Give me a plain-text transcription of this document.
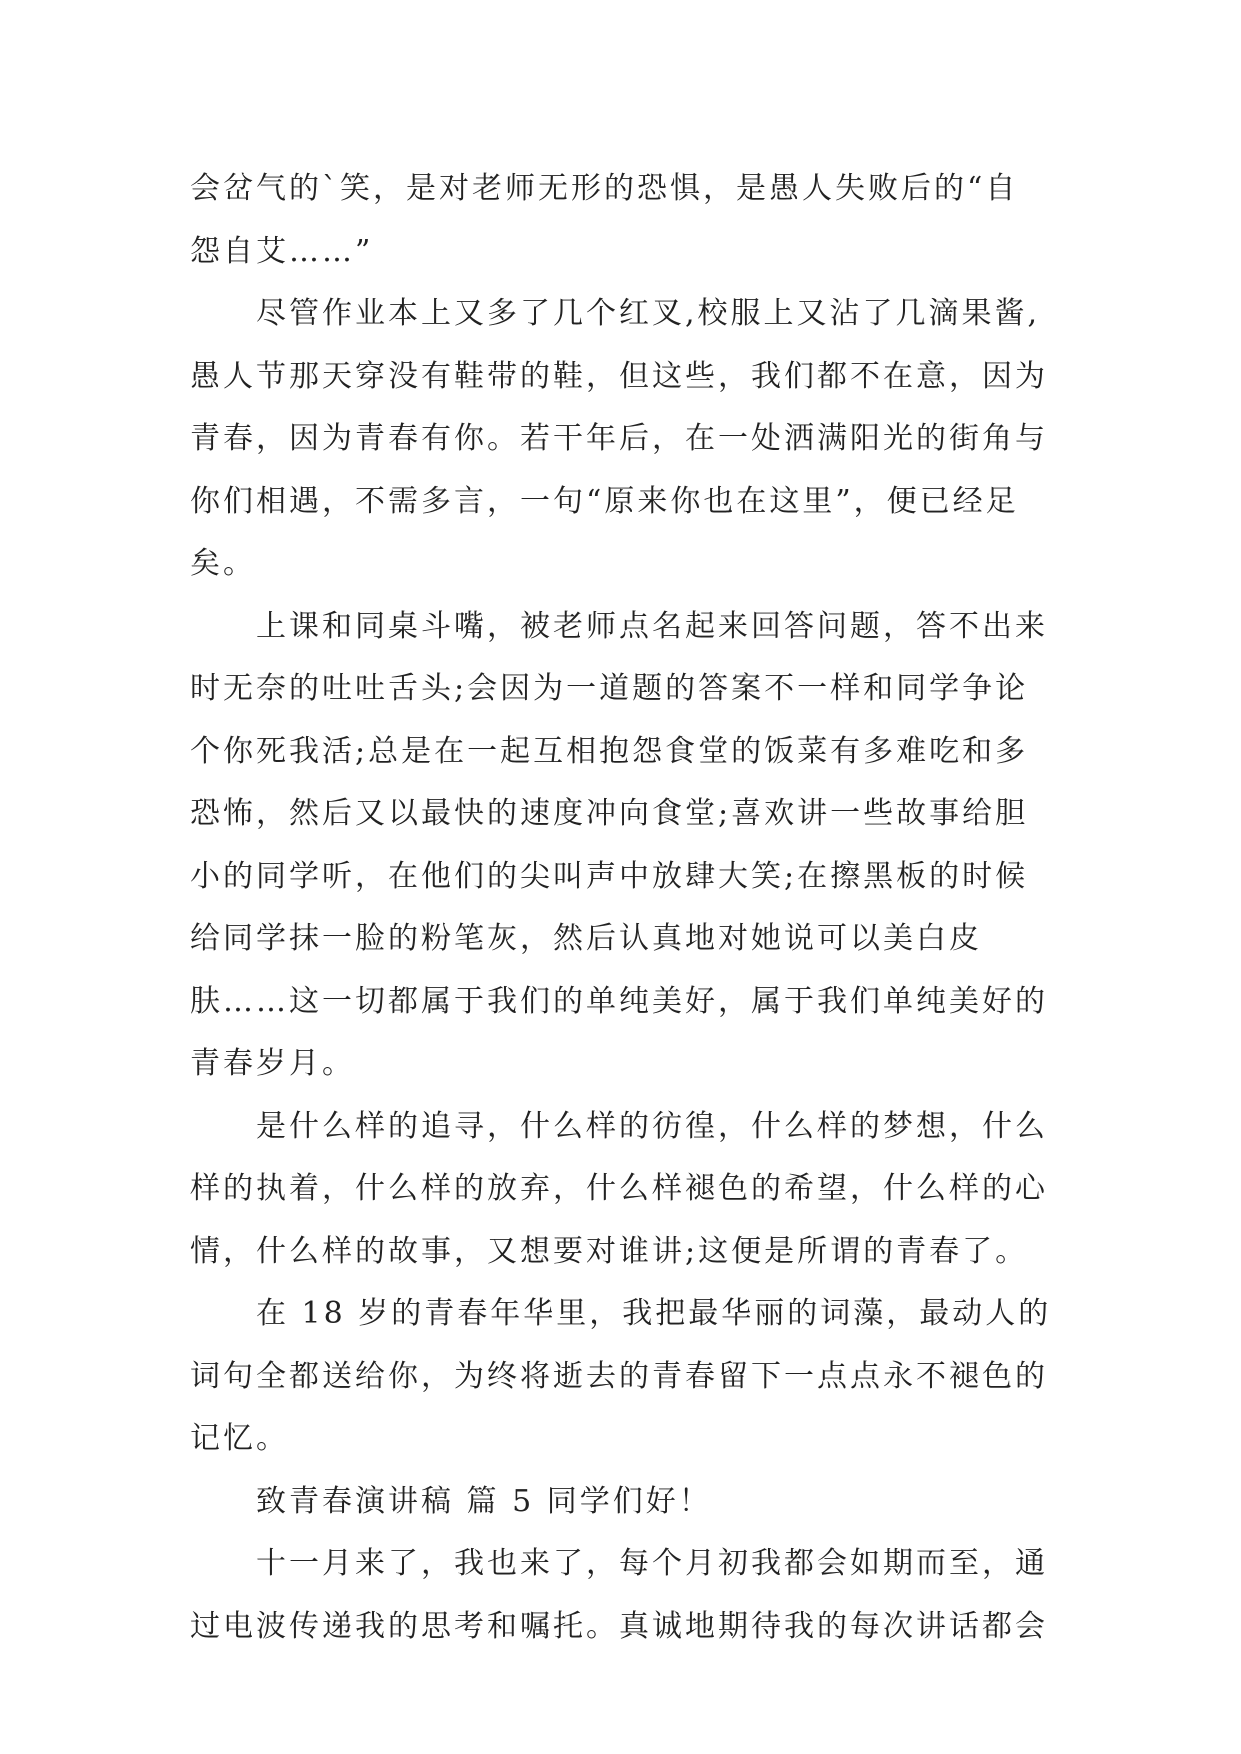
会岔气的`笑，是对老师无形的恐惧，是愚人失败后的“自
怨自艾……”
尽管作业本上又多了几个红叉,校服上又沾了几滴果酱,
愚人节那天穿没有鞋带的鞋，但这些，我们都不在意，因为
青春，因为青春有你。若干年后，在一处洒满阳光的街角与
你们相遇，不需多言，一句“原来你也在这里”，便已经足
矣。
上课和同桌斗嘴，被老师点名起来回答问题，答不出来
时无奈的吐吐舌头;会因为一道题的答案不一样和同学争论
个你死我活;总是在一起互相抱怨食堂的饭菜有多难吃和多
恐怖，然后又以最快的速度冲向食堂;喜欢讲一些故事给胆
小的同学听，在他们的尖叫声中放肆大笑;在擦黑板的时候
给同学抹一脸的粉笔灰，然后认真地对她说可以美白皮
肤……这一切都属于我们的单纯美好，属于我们单纯美好的
青春岁月。
是什么样的追寻，什么样的彷徨，什么样的梦想，什么
样的执着，什么样的放弃，什么样褪色的希望，什么样的心
情，什么样的故事，又想要对谁讲;这便是所谓的青春了。
在 18 岁的青春年华里，我把最华丽的词藻，最动人的
词句全都送给你，为终将逝去的青春留下一点点永不褪色的
记忆。
致青春演讲稿 篇 5 同学们好！
十一月来了，我也来了，每个月初我都会如期而至，通
过电波传递我的思考和嘱托。真诚地期待我的每次讲话都会
